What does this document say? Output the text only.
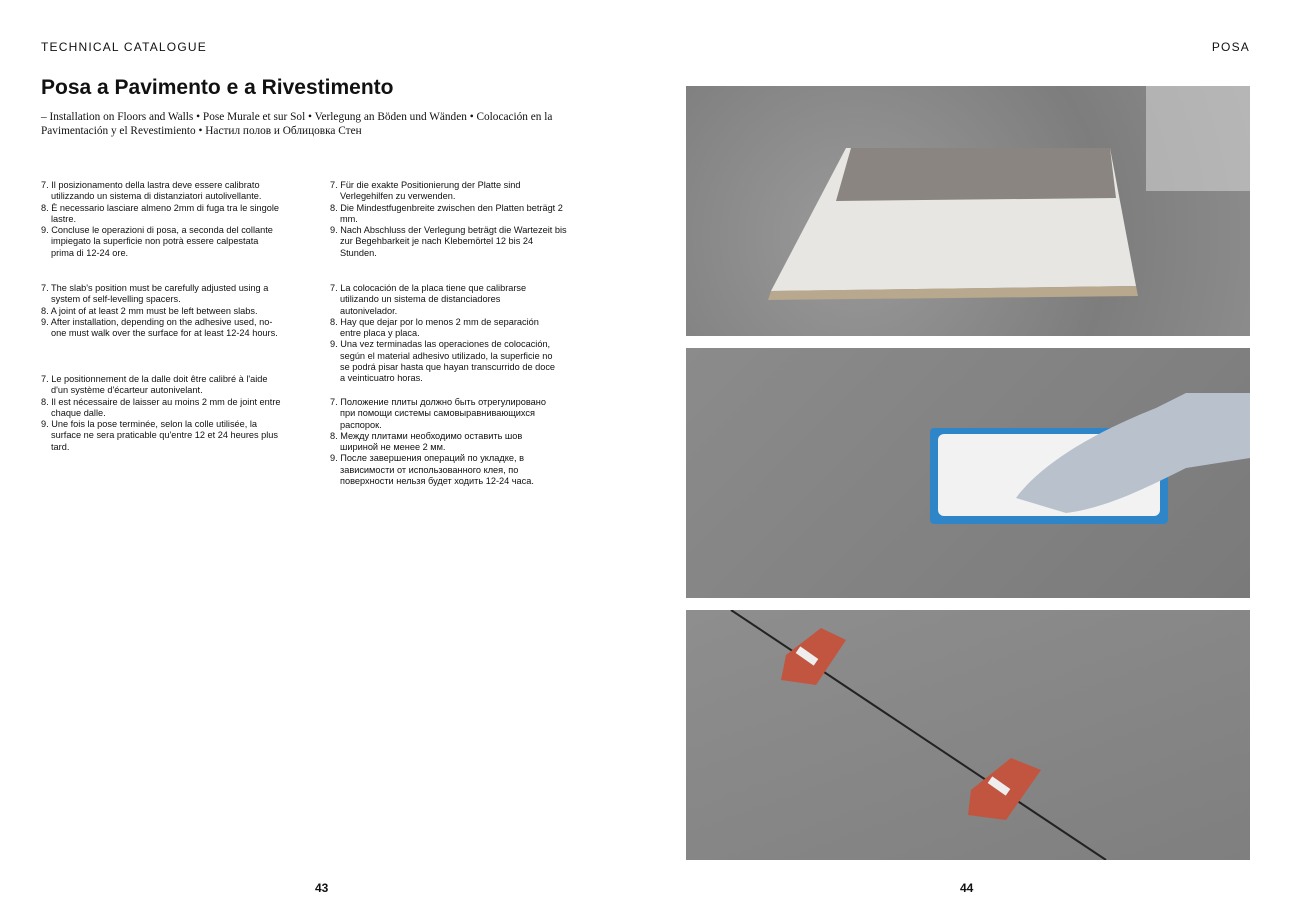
TECHNICAL CATALOGUE	POSA
Posa a Pavimento e a Rivestimento
– Installation on Floors and Walls • Pose Murale et sur Sol • Verlegung an Böden und Wänden • Colocación en la Pavimentación y el Revestimiento • Настил полов и Облицовка Стен
7. Il posizionamento della lastra deve essere calibrato utilizzando un sistema di distanziatori autolivellante.
8. È necessario lasciare almeno 2mm di fuga tra le singole lastre.
9. Concluse le operazioni di posa, a seconda del collante impiegato la superficie non potrà essere calpestata prima di 12-24 ore.
7. The slab's position must be carefully adjusted using a system of self-levelling spacers.
8. A joint of at least 2 mm must be left between slabs.
9. After installation, depending on the adhesive used, no-one must walk over the surface for at least 12-24 hours.
7. Le positionnement de la dalle doit être calibré à l'aide d'un système d'écarteur autonivelant.
8. Il est nécessaire de laisser au moins 2 mm de joint entre chaque dalle.
9. Une fois la pose terminée, selon la colle utilisée, la surface ne sera praticable qu'entre 12 et 24 heures plus tard.
7. Für die exakte Positionierung der Platte sind Verlegehilfen zu verwenden.
8. Die Mindestfugenbreite zwischen den Platten beträgt 2 mm.
9. Nach Abschluss der Verlegung beträgt die Wartezeit bis zur Begehbarkeit je nach Klebemörtel 12 bis 24 Stunden.
7. La colocación de la placa tiene que calibrarse utilizando un sistema de distanciadores autonivelador.
8. Hay que dejar por lo menos 2 mm de separación entre placa y placa.
9. Una vez terminadas las operaciones de colocación, según el material adhesivo utilizado, la superficie no se podrá pisar hasta que hayan transcurrido de doce a veinticuatro horas.
7. Положение плиты должно быть отрегулировано при помощи системы самовыравнивающихся распорок.
8. Между плитами необходимо оставить шов шириной не менее 2 мм.
9. После завершения операций по укладке, в зависимости от использованного клея, по поверхности нельзя будет ходить 12-24 часа.
43	44
